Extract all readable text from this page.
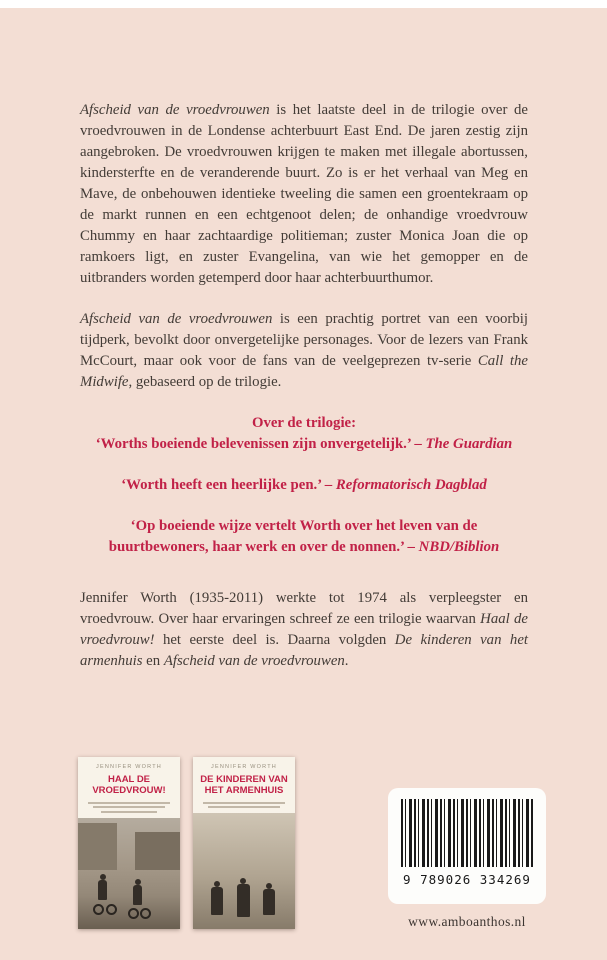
Afscheid van de vroedvrouwen is het laatste deel in de trilogie over de vroedvrouwen in de Londense achterbuurt East End. De jaren zestig zijn aangebroken. De vroedvrouwen krijgen te maken met illegale abortussen, kindersterfte en de veranderende buurt. Zo is er het verhaal van Meg en Mave, de onbehouwen identieke tweeling die samen een groentekraam op de markt runnen en een echtgenoot delen; de onhandige vroedvrouw Chummy en haar zachtaardige politieman; zuster Monica Joan die op ramkoers ligt, en zuster Evangelina, van wie het gemopper en de uitbranders worden getemperd door haar achterbuurthumor.

Afscheid van de vroedvrouwen is een prachtig portret van een voorbij tijdperk, bevolkt door onvergetelijke personages. Voor de lezers van Frank McCourt, maar ook voor de fans van de veelgeprezen tv-serie Call the Midwife, gebaseerd op de trilogie.

Over de trilogie:

‘Worths boeiende belevenissen zijn onvergetelijk.’ – The Guardian

‘Worth heeft een heerlijke pen.’ – Reformatorisch Dagblad

‘Op boeiende wijze vertelt Worth over het leven van de buurtbewoners, haar werk en over de nonnen.’ – NBD/Biblion

Jennifer Worth (1935-2011) werkte tot 1974 als verpleegster en vroedvrouw. Over haar ervaringen schreef ze een trilogie waarvan Haal de vroedvrouw! het eerste deel is. Daarna volgden De kinderen van het armenhuis en Afscheid van de vroedvrouwen.

JENNIFER WORTH
HAAL DE VROEDVROUW!
JENNIFER WORTH
DE KINDEREN VAN HET ARMENHUIS
9 789026 334269
www.amboanthos.nl
